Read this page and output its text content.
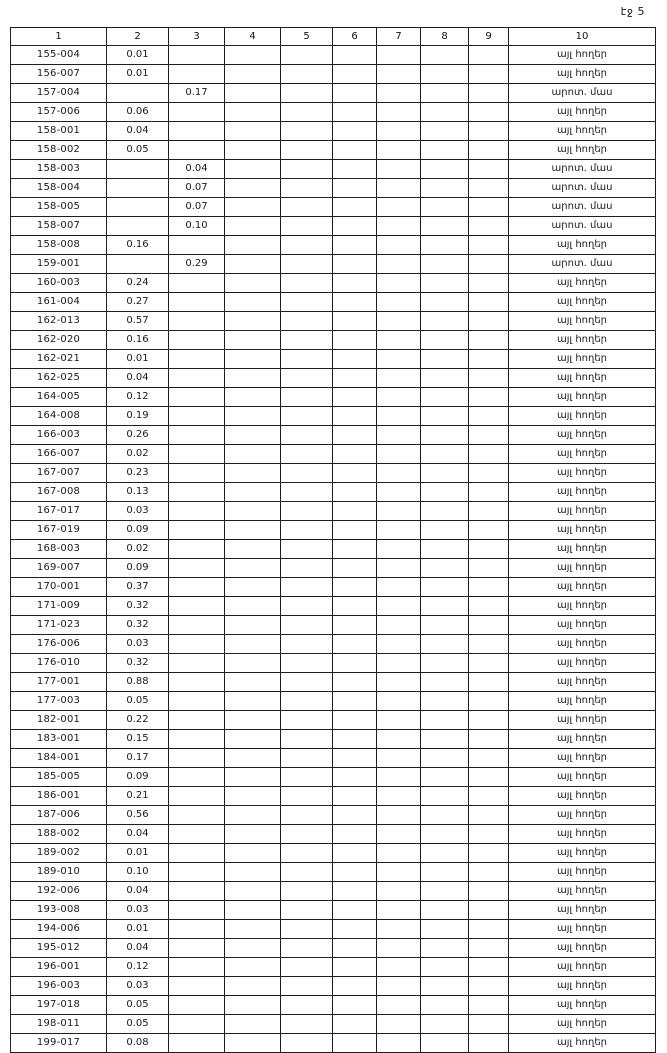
էջ 5
1	2	3	4	5	6	7	8	9	10
155-004	0.01								այլ հողեր
156-007	0.01								այլ հողեր
157-004		0.17							արոտ. մաս
157-006	0.06								այլ հողեր
158-001	0.04								այլ հողեր
158-002	0.05								այլ հողեր
158-003		0.04							արոտ. մաս
158-004		0.07							արոտ. մաս
158-005		0.07							արոտ. մաս
158-007		0.10							արոտ. մաս
158-008	0.16								այլ հողեր
159-001		0.29							արոտ. մաս
160-003	0.24								այլ հողեր
161-004	0.27								այլ հողեր
162-013	0.57								այլ հողեր
162-020	0.16								այլ հողեր
162-021	0.01								այլ հողեր
162-025	0.04								այլ հողեր
164-005	0.12								այլ հողեր
164-008	0.19								այլ հողեր
166-003	0.26								այլ հողեր
166-007	0.02								այլ հողեր
167-007	0.23								այլ հողեր
167-008	0.13								այլ հողեր
167-017	0.03								այլ հողեր
167-019	0.09								այլ հողեր
168-003	0.02								այլ հողեր
169-007	0.09								այլ հողեր
170-001	0.37								այլ հողեր
171-009	0.32								այլ հողեր
171-023	0.32								այլ հողեր
176-006	0.03								այլ հողեր
176-010	0.32								այլ հողեր
177-001	0.88								այլ հողեր
177-003	0.05								այլ հողեր
182-001	0.22								այլ հողեր
183-001	0.15								այլ հողեր
184-001	0.17								այլ հողեր
185-005	0.09								այլ հողեր
186-001	0.21								այլ հողեր
187-006	0.56								այլ հողեր
188-002	0.04								այլ հողեր
189-002	0.01								այլ հողեր
189-010	0.10								այլ հողեր
192-006	0.04								այլ հողեր
193-008	0.03								այլ հողեր
194-006	0.01								այլ հողեր
195-012	0.04								այլ հողեր
196-001	0.12								այլ հողեր
196-003	0.03								այլ հողեր
197-018	0.05								այլ հողեր
198-011	0.05								այլ հողեր
199-017	0.08								այլ հողեր
